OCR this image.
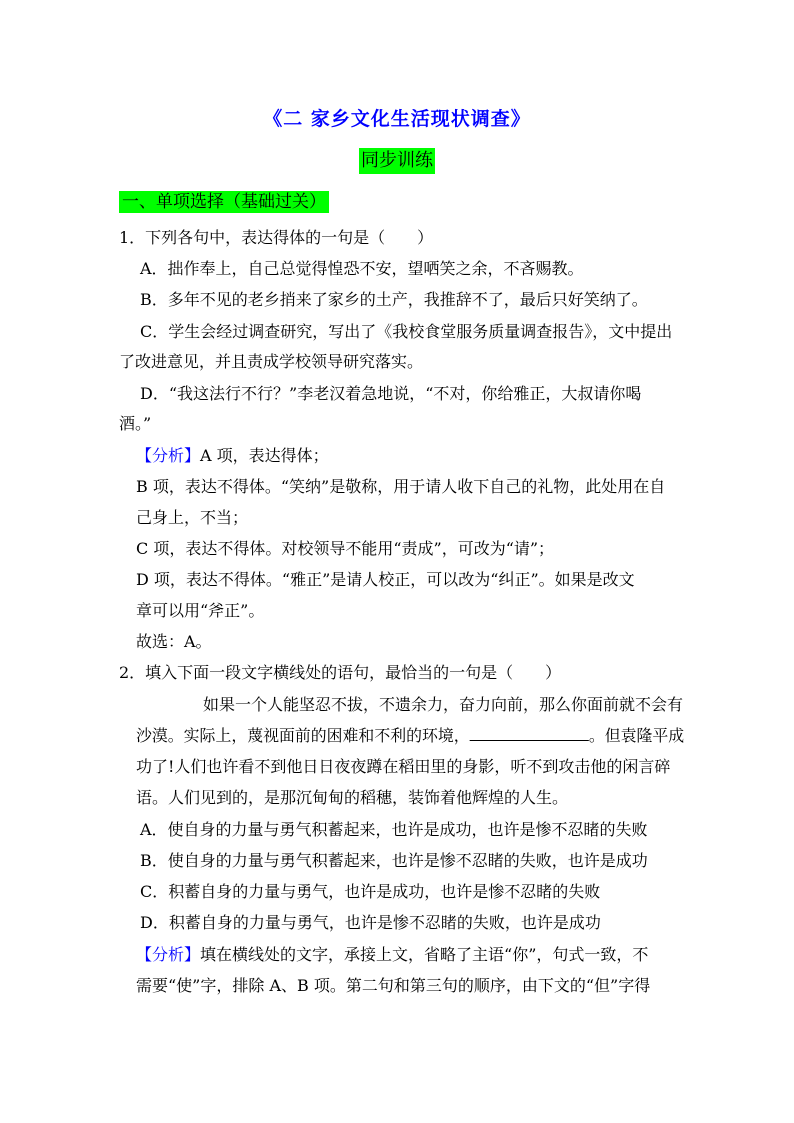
《二 家乡文化生活现状调查》
同步训练
一、单项选择（基础过关）
1．下列各句中，表达得体的一句是（　　）
A．拙作奉上，自己总觉得惶恐不安，望哂笑之余，不吝赐教。
B．多年不见的老乡捎来了家乡的土产，我推辞不了，最后只好笑纳了。
C．学生会经过调查研究，写出了《我校食堂服务质量调查报告》，文中提出
了改进意见，并且责成学校领导研究落实。
D．“我这法行不行？”李老汉着急地说，“不对，你给雅正，大叔请你喝
酒。”
【分析】A 项，表达得体；
B 项，表达不得体。“笑纳”是敬称，用于请人收下自己的礼物，此处用在自
己身上，不当；
C 项，表达不得体。对校领导不能用“责成”，可改为“请”；
D 项，表达不得体。“雅正”是请人校正，可以改为“纠正”。如果是改文
章可以用“斧正”。
故选：A。
2．填入下面一段文字横线处的语句，最恰当的一句是（　　）
如果一个人能坚忍不拔，不遗余力，奋力向前，那么你面前就不会有
沙漠。实际上，蔑视面前的困难和不利的环境，	。但袁隆平成
功了!人们也许看不到他日日夜夜蹲在稻田里的身影，听不到攻击他的闲言碎
语。人们见到的，是那沉甸甸的稻穗，装饰着他辉煌的人生。
A．使自身的力量与勇气积蓄起来，也许是成功，也许是惨不忍睹的失败
B．使自身的力量与勇气积蓄起来，也许是惨不忍睹的失败，也许是成功
C．积蓄自身的力量与勇气，也许是成功，也许是惨不忍睹的失败
D．积蓄自身的力量与勇气，也许是惨不忍睹的失败，也许是成功
【分析】填在横线处的文字，承接上文，省略了主语“你”，句式一致，不
需要“使”字，排除 A、B 项。第二句和第三句的顺序，由下文的“但”字得
